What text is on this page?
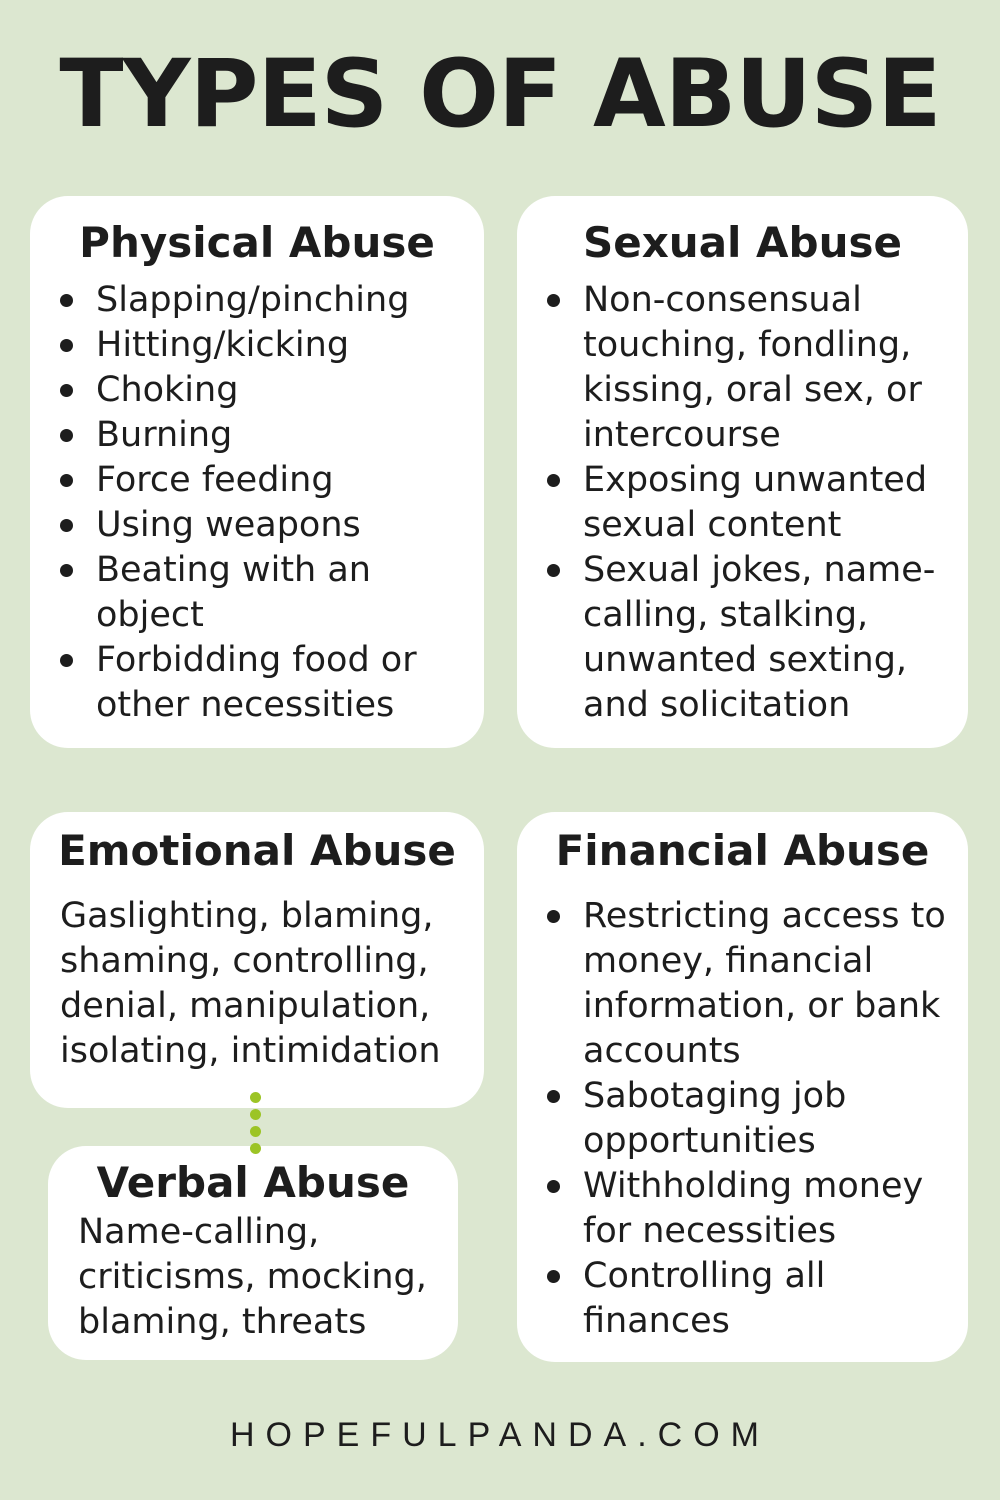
TYPES OF ABUSE
Physical Abuse
Slapping/pinching
Hitting/kicking
Choking
Burning
Force feeding
Using weapons
Beating with an object
Forbidding food or other necessities
Sexual Abuse
Non-consensual touching, fondling, kissing, oral sex, or intercourse
Exposing unwanted sexual content
Sexual jokes, name-calling, stalking, unwanted sexting, and solicitation
Emotional Abuse

Gaslighting, blaming, shaming, controlling, denial, manipulation, isolating, intimidation

Financial Abuse
Restricting access to money, financial information, or bank accounts
Sabotaging job opportunities
Withholding money for necessities
Controlling all finances
Verbal Abuse

Name-calling, criticisms, mocking, blaming, threats

HOPEFULPANDA.COM
